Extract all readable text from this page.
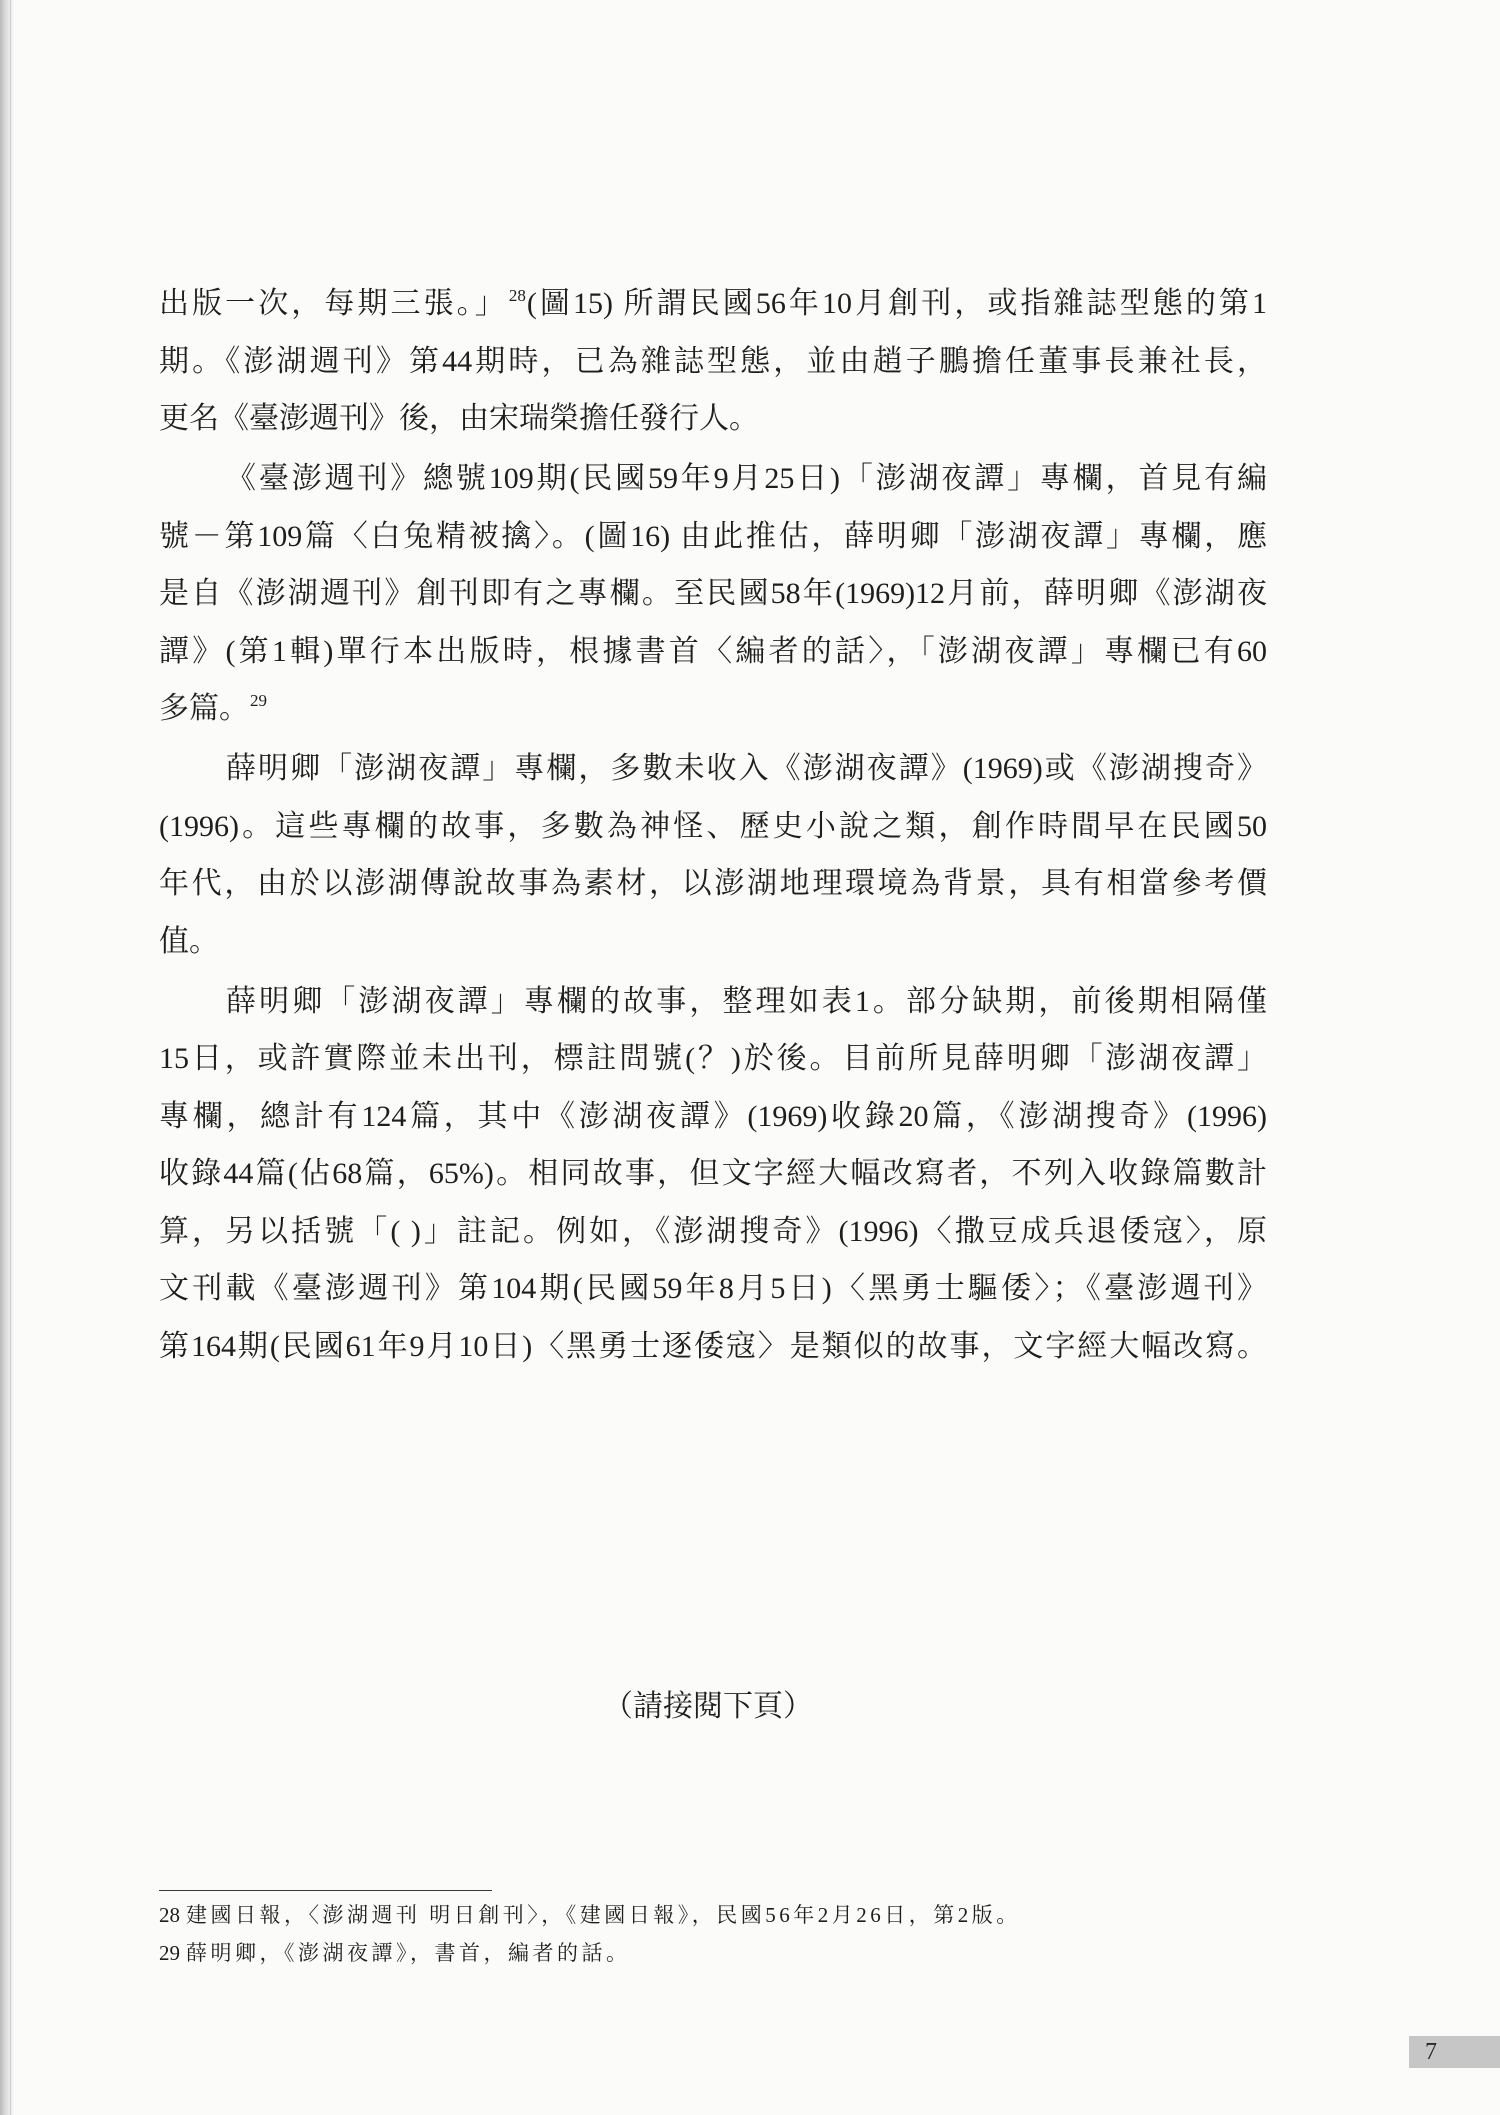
出版一次，每期三張。」$^{28}$(圖15) 所謂民國56年10月創刊，或指雜誌型態的第1
期。《澎湖週刊》第44期時，已為雜誌型態，並由趙子鵬擔任董事長兼社長，
更名《臺澎週刊》後，由宋瑞榮擔任發行人。
《臺澎週刊》總號109期(民國59年9月25日)「澎湖夜譚」專欄，首見有編
號－第109篇〈白兔精被擒〉。(圖16) 由此推估，薛明卿「澎湖夜譚」專欄，應
是自《澎湖週刊》創刊即有之專欄。至民國58年(1969)12月前，薛明卿《澎湖夜
譚》(第1輯)單行本出版時，根據書首〈編者的話〉，「澎湖夜譚」專欄已有60
多篇。$^{29}$
薛明卿「澎湖夜譚」專欄，多數未收入《澎湖夜譚》(1969)或《澎湖搜奇》
(1996)。這些專欄的故事，多數為神怪、歷史小說之類，創作時間早在民國50
年代，由於以澎湖傳說故事為素材，以澎湖地理環境為背景，具有相當參考價
值。
薛明卿「澎湖夜譚」專欄的故事，整理如表1。部分缺期，前後期相隔僅
15日，或許實際並未出刊，標註問號(？)於後。目前所見薛明卿「澎湖夜譚」
專欄，總計有124篇，其中《澎湖夜譚》(1969)收錄20篇，《澎湖搜奇》(1996)
收錄44篇(佔68篇，65%)。相同故事，但文字經大幅改寫者，不列入收錄篇數計
算，另以括號「( )」註記。例如，《澎湖搜奇》(1996)〈撒豆成兵退倭寇〉，原
文刊載《臺澎週刊》第104期(民國59年8月5日)〈黑勇士驅倭〉；《臺澎週刊》
第164期(民國61年9月10日)〈黑勇士逐倭寇〉是類似的故事，文字經大幅改寫。
（請接閱下頁）
28 建國日報，〈澎湖週刊 明日創刊〉，《建國日報》，民國56年2月26日，第2版。
29 薛明卿，《澎湖夜譚》，書首，編者的話。
7
